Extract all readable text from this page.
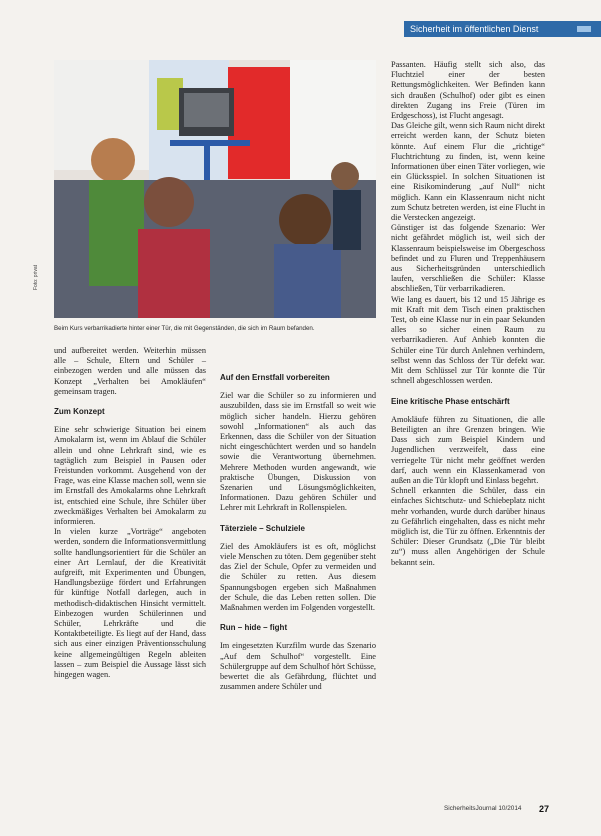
Sicherheit im öffentlichen Dienst
Foto: privat
Beim Kurs verbarrikadierte hinter einer Tür, die mit Gegenständen, die sich im Raum befanden.

und aufbereitet werden. Weiterhin müssen alle – Schule, Eltern und Schüler – einbezogen werden und alle müssen das Konzept „Verhalten bei Amokläufen“ gemeinsam tragen.

Zum Konzept

Eine sehr schwierige Situation bei einem Amokalarm ist, wenn im Ablauf die Schüler allein und ohne Lehrkraft sind, wie es tagtäglich zum Beispiel in Pausen oder Freistunden vorkommt. Ausgehend von der Frage, was eine Klasse machen soll, wenn sie im Ernstfall des Amokalarms ohne Lehrkraft ist, entschied eine Schule, ihre Schüler über zweckmäßiges Verhalten bei Amokalarm zu informieren.

In vielen kurze „Vorträge“ angeboten werden, sondern die Informationsvermittlung sollte handlungsorientiert für die Schüler an einer Art Lernlauf, der die Kreativität aufgreift, mit Experimenten und Übungen, Handlungsbezüge fördert und Erfahrungen für künftige Notfall darlegen, auch in methodisch-didaktischen Hinsicht vermittelt. Einbezogen wurden Schülerinnen und Schüler, Lehrkräfte und die Kontaktbeteiligte. Es liegt auf der Hand, dass sich aus einer einzigen Präventionsschulung keine allgemeingültigen Regeln ableiten lassen – zum Beispiel die Aussage lässt sich hingegen wagen.

Auf den Ernstfall vorbereiten

Ziel war die Schüler so zu informieren und auszubilden, dass sie im Ernstfall so weit wie möglich sicher handeln. Hierzu gehören sowohl „Informationen“ als auch das Erkennen, dass die Schüler von der Situation nicht eingeschüchtert werden und so handeln sowie die Verantwortung übernehmen. Mehrere Methoden wurden angewandt, wie praktische Übungen, Diskussion von Szenarien und Lösungsmöglichkeiten, Informationen. Dazu gehören Schüler und Lehrer mit Lehrkraft in Rollenspielen.

Täterziele – Schulziele

Ziel des Amokläufers ist es oft, möglichst viele Menschen zu töten. Dem gegenüber steht das Ziel der Schule, Opfer zu vermeiden und die Schüler zu retten. Aus diesem Spannungsbogen ergeben sich Maßnahmen der Schule, die das Leben retten sollen. Die Maßnahmen werden im Folgenden vorgestellt.

Run – hide – fight

Im eingesetzten Kurzfilm wurde das Szenario „Auf dem Schulhof“ vorgestellt. Eine Schülergruppe auf dem Schulhof hört Schüsse, bewertet die als Gefährdung, flüchtet und zusammen andere Schüler und

Passanten. Häufig stellt sich also, das Fluchtziel einer der besten Rettungsmöglichkeiten. Wer Befinden kann sich draußen (Schulhof) oder gibt es einen direkten Zugang ins Freie (Türen im Erdgeschoss), ist Flucht angesagt.

Das Gleiche gilt, wenn sich Raum nicht direkt erreicht werden kann, der Schutz bieten könnte. Auf einem Flur die „richtige“ Fluchtrichtung zu finden, ist, wenn keine Informationen über einen Täter vorliegen, wie ein Glücksspiel. In solchen Situationen ist eine Risikominderung „auf Null“ nicht möglich. Kann ein Klassenraum nicht nicht zum Schutz betreten werden, ist eine Flucht in die Verstecken angezeigt.

Günstiger ist das folgende Szenario: Wer nicht gefährdet möglich ist, weil sich der Klassenraum beispielsweise im Obergeschoss befindet und zu Fluren und Treppenhäusern aus Sicherheitsgründen unterschiedlich laufen, verschließen die Schüler: Klasse abschließen, Tür verbarrikadieren.

Wie lang es dauert, bis 12 und 15 Jährige es mit Kraft mit dem Tisch einen praktischen Test, ob eine Klasse nur in ein paar Sekunden alles so sicher einen Raum zu verbarrikadieren. Auf Anhieb konnten die Schüler eine Tür durch Anlehnen verhindern, selbst wenn das Schloss der Tür defekt war. Mit dem Schlüssel zur Tür konnte die Tür schnell abgeschlossen werden.

Eine kritische Phase entschärft

Amokläufe führen zu Situationen, die alle Beteiligten an ihre Grenzen bringen. Wie Dass sich zum Beispiel Kindern und Jugendlichen verzweifelt, dass eine verriegelte Tür nicht mehr geöffnet werden darf, auch wenn ein Klassenkamerad von außen an die Tür klopft und Einlass begehrt.

Schnell erkannten die Schüler, dass ein einfaches Sichtschutz- und Schiebeplatz nicht mehr vorhanden, wurde durch darüber hinaus zu Gefährlich eingehalten, dass es nicht mehr möglich ist, die Tür zu öffnen. Erkenntnis der Schüler: Dieser Grundsatz („Die Tür bleibt zu“) muss allen Angehörigen der Schule bekannt sein.

SicherheitsJournal 10/2014 27
